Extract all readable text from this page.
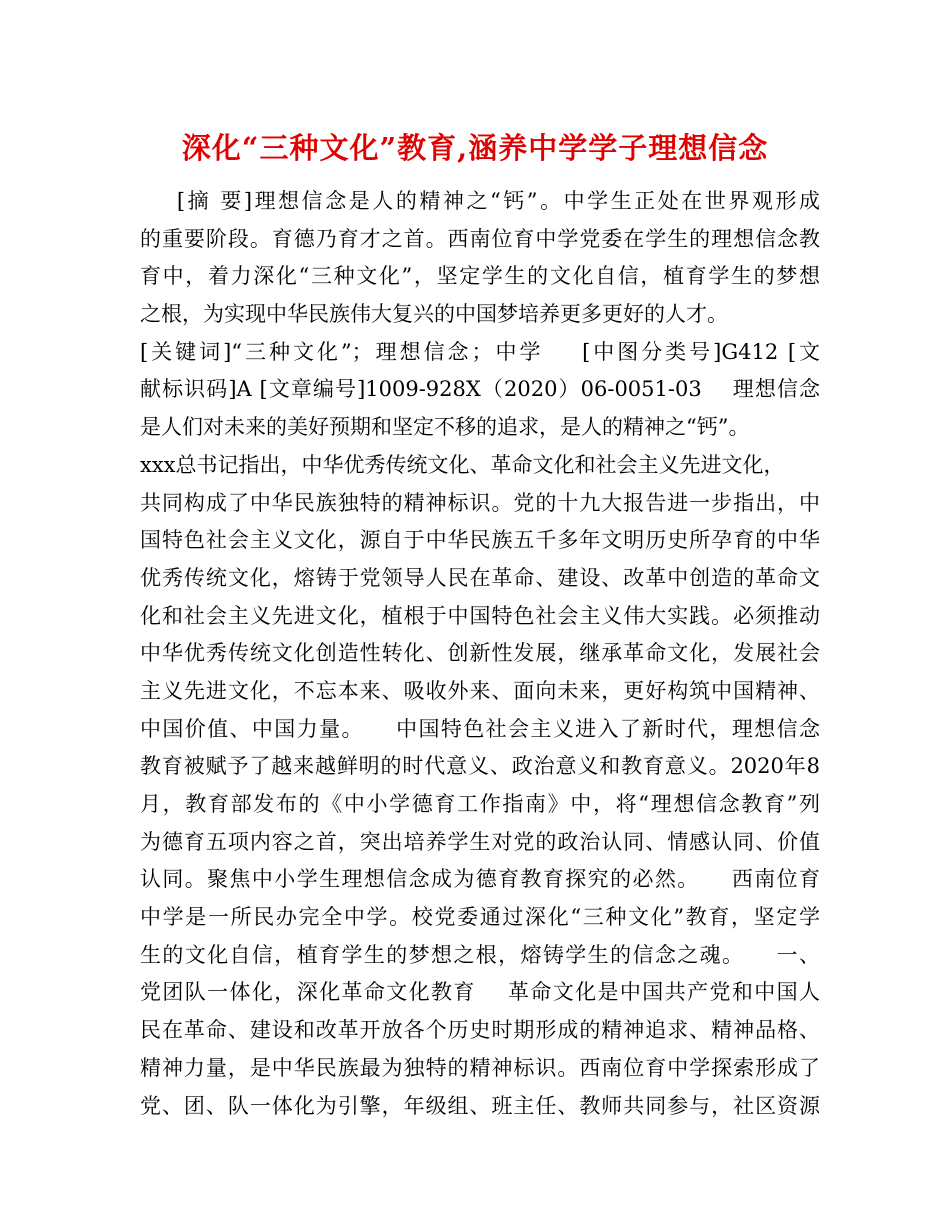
深化“三种文化”教育,涵养中学学子理想信念
[摘 要]理想信念是人的精神之“钙”。中学生正处在世界观形成
的重要阶段。育德乃育才之首。西南位育中学党委在学生的理想信念教
育中，着力深化“三种文化”，坚定学生的文化自信，植育学生的梦想
之根，为实现中华民族伟大复兴的中国梦培养更多更好的人才。
[关键词]“三种文化”；理想信念；中学    [中图分类号]G412 [文
献标识码]A [文章编号]1009-928X（2020）06-0051-03    理想信念
是人们对未来的美好预期和坚定不移的追求，是人的精神之“钙”。
xxx总书记指出，中华优秀传统文化、革命文化和社会主义先进文化，
共同构成了中华民族独特的精神标识。党的十九大报告进一步指出，中
国特色社会主义文化，源自于中华民族五千多年文明历史所孕育的中华
优秀传统文化，熔铸于党领导人民在革命、建设、改革中创造的革命文
化和社会主义先进文化，植根于中国特色社会主义伟大实践。必须推动
中华优秀传统文化创造性转化、创新性发展，继承革命文化，发展社会
主义先进文化，不忘本来、吸收外来、面向未来，更好构筑中国精神、
中国价值、中国力量。    中国特色社会主义进入了新时代，理想信念
教育被赋予了越来越鲜明的时代意义、政治意义和教育意义。2020年8
月，教育部发布的《中小学德育工作指南》中，将“理想信念教育”列
为德育五项内容之首，突出培养学生对党的政治认同、情感认同、价值
认同。聚焦中小学生理想信念成为德育教育探究的必然。    西南位育
中学是一所民办完全中学。校党委通过深化“三种文化”教育，坚定学
生的文化自信，植育学生的梦想之根，熔铸学生的信念之魂。    一、
党团队一体化，深化革命文化教育    革命文化是中国共产党和中国人
民在革命、建设和改革开放各个历史时期形成的精神追求、精神品格、
精神力量，是中华民族最为独特的精神标识。西南位育中学探索形成了
党、团、队一体化为引擎，年级组、班主任、教师共同参与，社区资源
